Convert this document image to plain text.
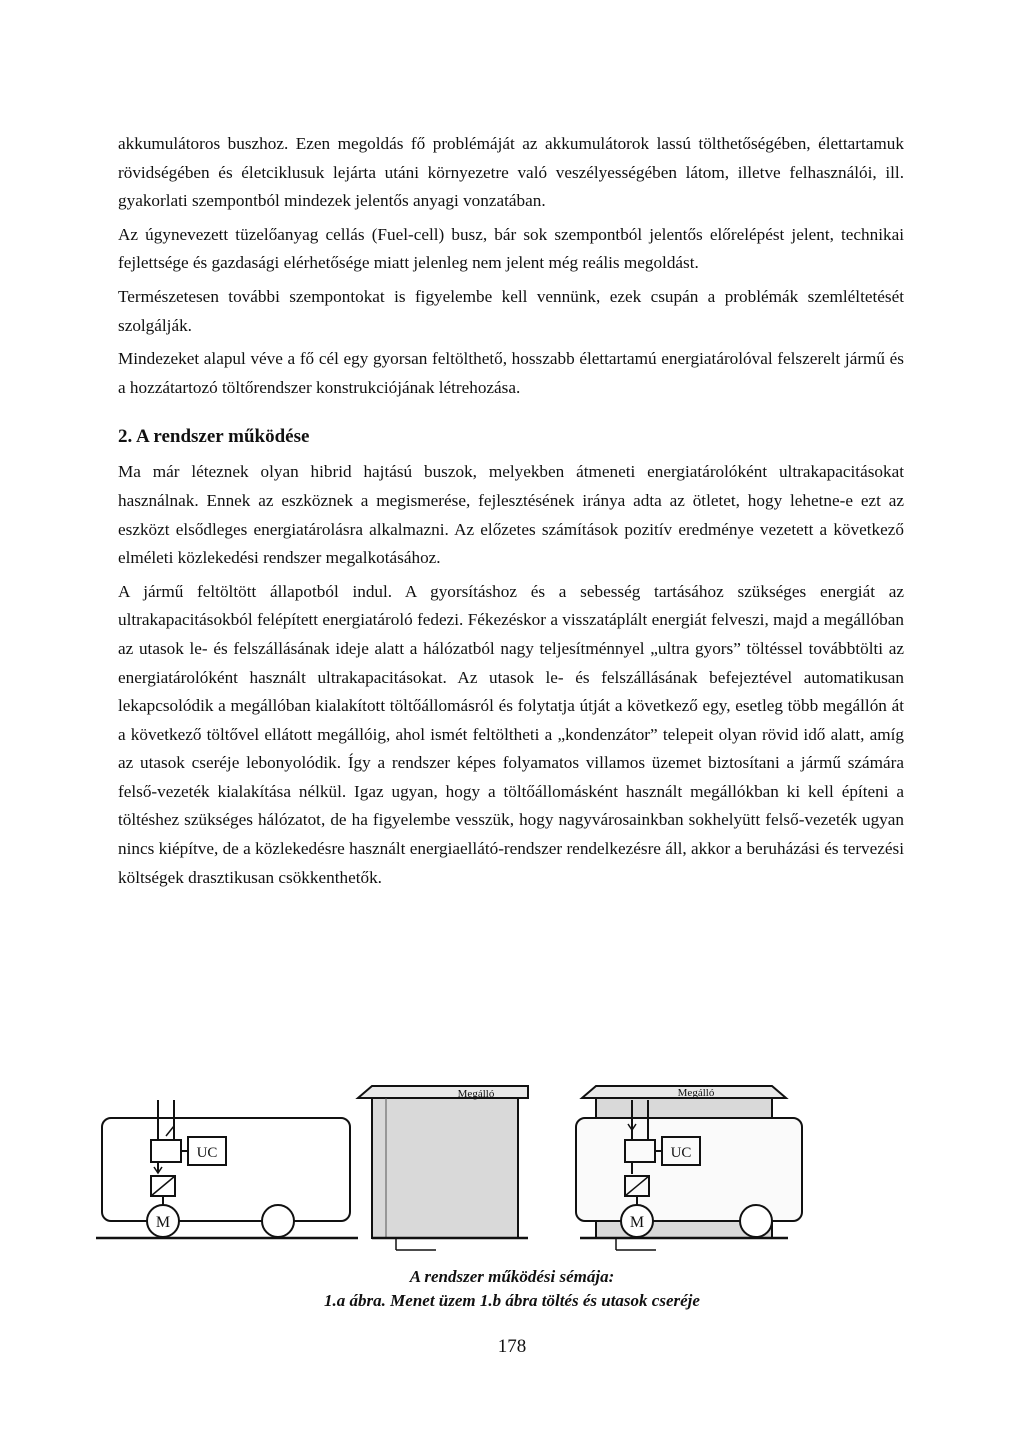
akkumulátoros buszhoz. Ezen megoldás fő problémáját az akkumulátorok lassú tölthetőségében, élettartamuk rövidségében és életciklusuk lejárta utáni környezetre való veszélyességében látom, illetve felhasználói, ill. gyakorlati szempontból mindezek jelentős anyagi vonzatában.

Az úgynevezett tüzelőanyag cellás (Fuel-cell) busz, bár sok szempontból jelentős előrelépést jelent, technikai fejlettsége és gazdasági elérhetősége miatt jelenleg nem jelent még reális megoldást.

Természetesen további szempontokat is figyelembe kell vennünk, ezek csupán a problémák szemléltetését szolgálják.

Mindezeket alapul véve a fő cél egy gyorsan feltölthető, hosszabb élettartamú energiatárolóval felszerelt jármű és a hozzátartozó töltőrendszer konstrukciójának létrehozása.

2. A rendszer működése

Ma már léteznek olyan hibrid hajtású buszok, melyekben átmeneti energiatárolóként ultrakapacitásokat használnak. Ennek az eszköznek a megismerése, fejlesztésének iránya adta az ötletet, hogy lehetne-e ezt az eszközt elsődleges energiatárolásra alkalmazni. Az előzetes számítások pozitív eredménye vezetett a következő elméleti közlekedési rendszer megalkotásához.

A jármű feltöltött állapotból indul. A gyorsításhoz és a sebesség tartásához szükséges energiát az ultrakapacitásokból felépített energiatároló fedezi. Fékezéskor a visszatáplált energiát felveszi, majd a megállóban az utasok le- és felszállásának ideje alatt a hálózatból nagy teljesítménnyel „ultra gyors” töltéssel továbbtölti az energiatárolóként használt ultrakapacitásokat. Az utasok le- és felszállásának befejeztével automatikusan lekapcsolódik a megállóban kialakított töltőállomásról és folytatja útját a következő egy, esetleg több megállón át a következő töltővel ellátott megállóig, ahol ismét feltöltheti a „kondenzátor” telepeit olyan rövid idő alatt, amíg az utasok cseréje lebonyolódik. Így a rendszer képes folyamatos villamos üzemet biztosítani a jármű számára felső-vezeték kialakítása nélkül. Igaz ugyan, hogy a töltőállomásként használt megállókban ki kell építeni a töltéshez szükséges hálózatot, de ha figyelembe vesszük, hogy nagyvárosainkban sokhelyütt felső-vezeték ugyan nincs kiépítve, de a közlekedésre használt energiaellátó-rendszer rendelkezésre áll, akkor a beruházási és tervezési költségek drasztikusan csökkenthetők.

UC
M
Megálló	Megálló
UC
M
A rendszer működési sémája:
1.a ábra. Menet üzem 1.b ábra töltés és utasok cseréje
178
